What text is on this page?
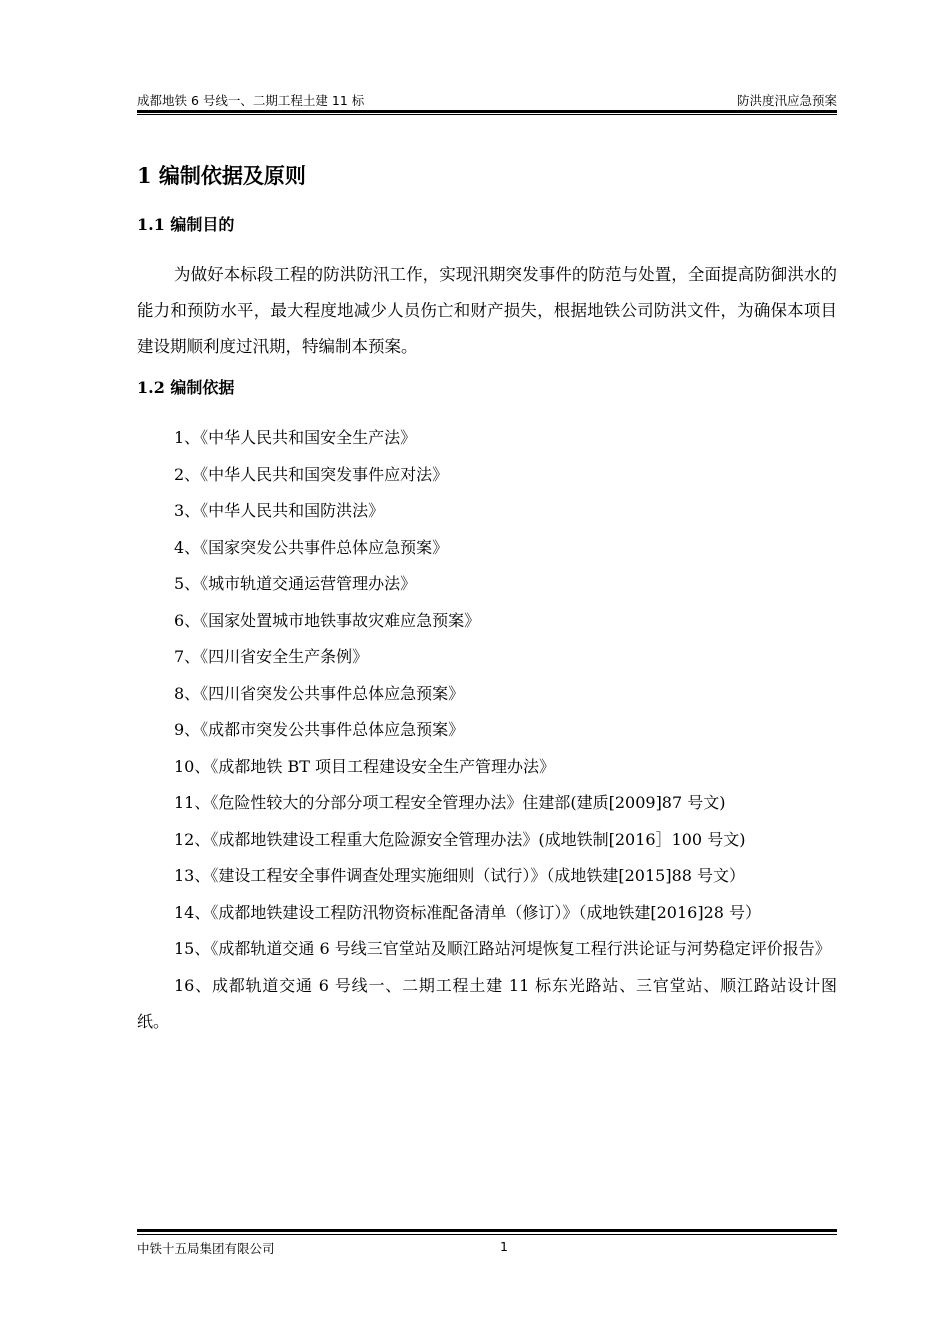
成都地铁 6 号线一、二期工程土建 11 标	防洪度汛应急预案
1 编制依据及原则
1.1 编制目的

为做好本标段工程的防洪防汛工作，实现汛期突发事件的防范与处置，全面提高防御洪水的能力和预防水平，最大程度地减少人员伤亡和财产损失，根据地铁公司防洪文件，为确保本项目建设期顺利度过汛期，特编制本预案。

1.2 编制依据
1、《中华人民共和国安全生产法》
2、《中华人民共和国突发事件应对法》
3、《中华人民共和国防洪法》
4、《国家突发公共事件总体应急预案》
5、《城市轨道交通运营管理办法》
6、《国家处置城市地铁事故灾难应急预案》
7、《四川省安全生产条例》
8、《四川省突发公共事件总体应急预案》
9、《成都市突发公共事件总体应急预案》
10、《成都地铁 BT 项目工程建设安全生产管理办法》
11、《危险性较大的分部分项工程安全管理办法》住建部(建质[2009]87 号文)
12、《成都地铁建设工程重大危险源安全管理办法》(成地铁制[2016］100 号文)
13、《建设工程安全事件调查处理实施细则（试行）》（成地铁建[2015]88 号文）
14、《成都地铁建设工程防汛物资标准配备清单（修订）》（成地铁建[2016]28 号）
15、《成都轨道交通 6 号线三官堂站及顺江路站河堤恢复工程行洪论证与河势稳定评价报告》
16、成都轨道交通 6 号线一、二期工程土建 11 标东光路站、三官堂站、顺江路站设计图纸。
中铁十五局集团有限公司	1
